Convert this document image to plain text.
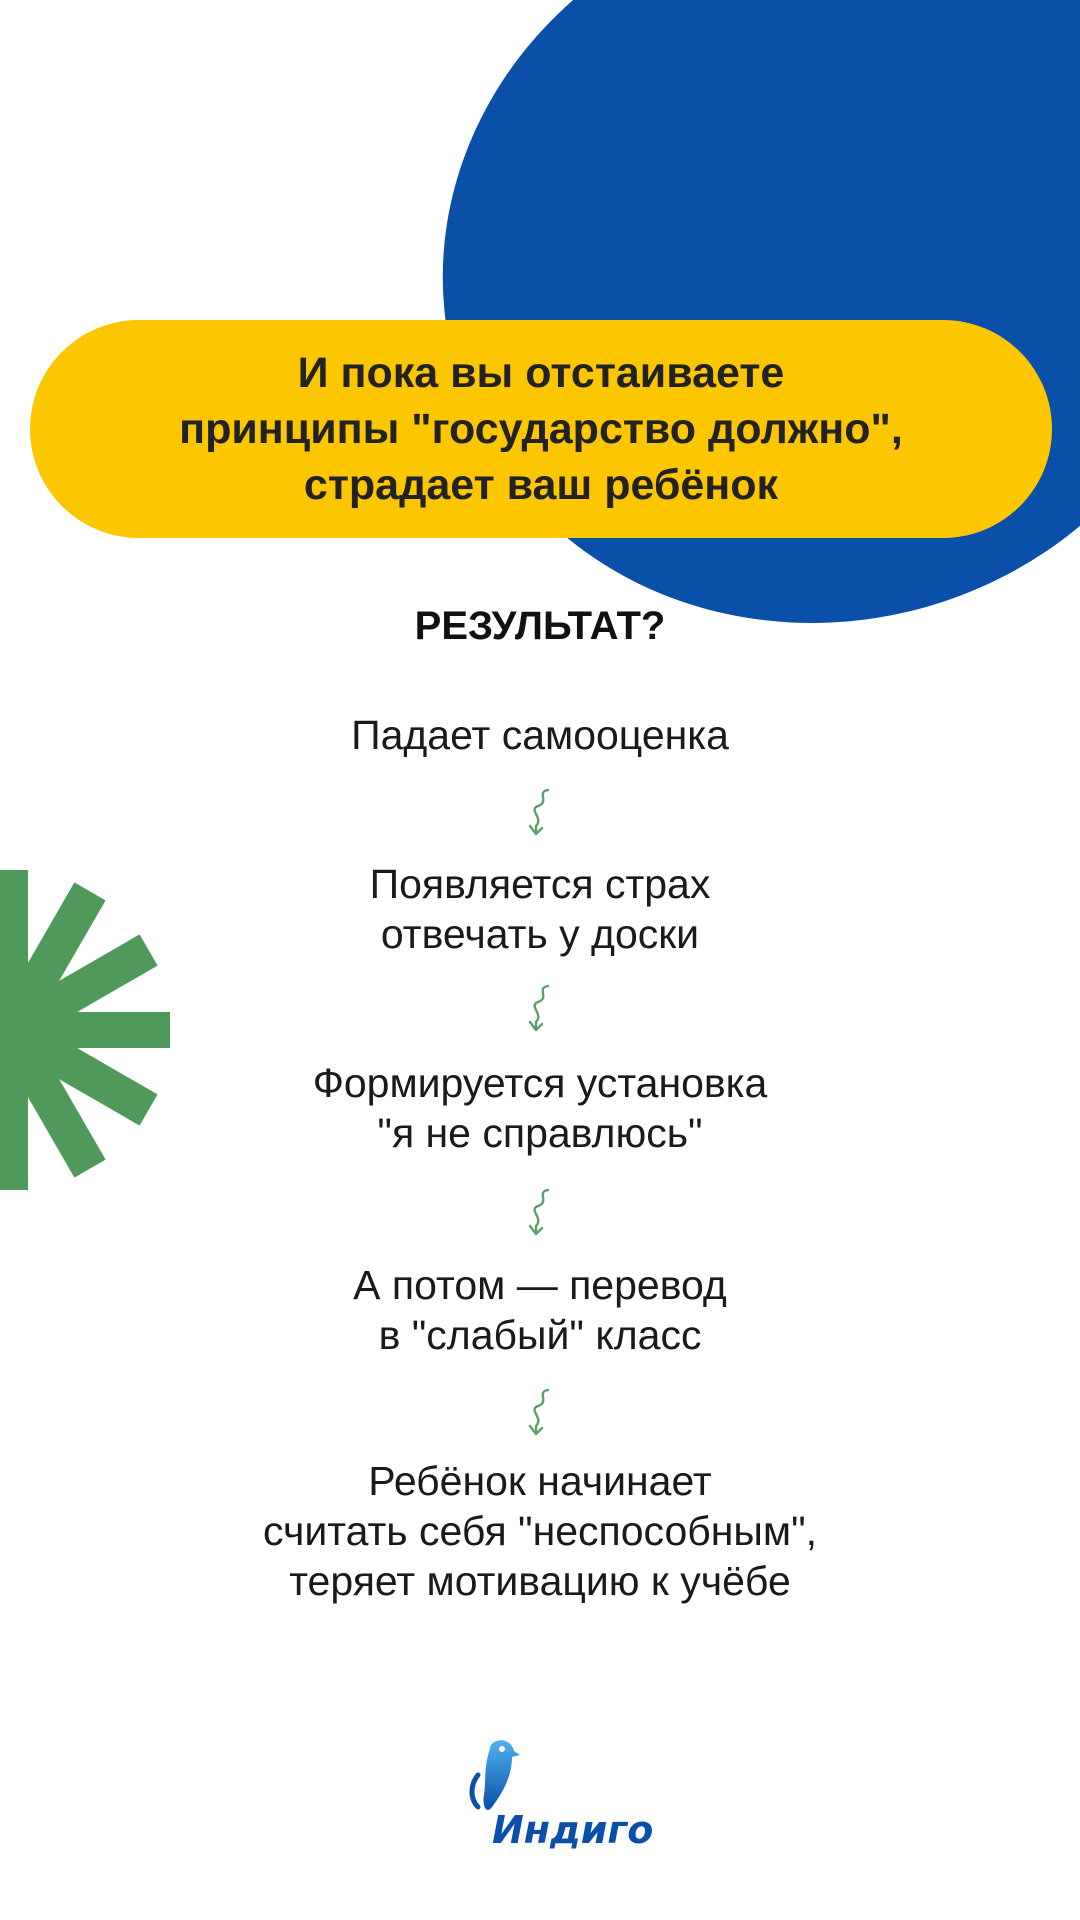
И пока вы отстаиваете
принципы "государство должно",
страдает ваш ребёнок

РЕЗУЛЬТАТ?

Падает самооценка

Появляется страх
отвечать у доски

Формируется установка
"я не справлюсь"

А потом — перевод
в "слабый" класс

Ребёнок начинает
считать себя "неспособным",
теряет мотивацию к учёбе

Индиго
